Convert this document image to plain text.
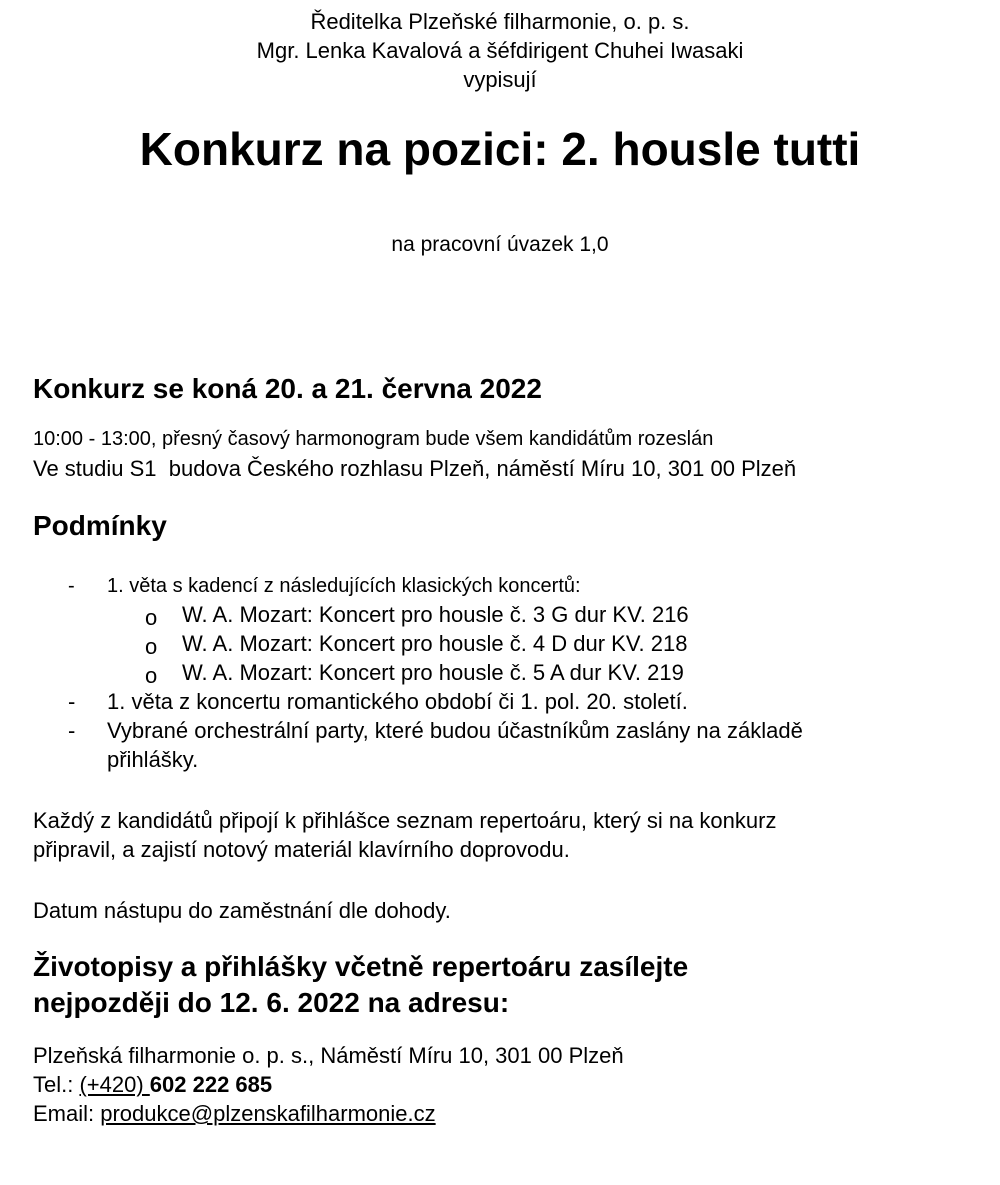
Ředitelka Plzeňské filharmonie, o. p. s.

Mgr. Lenka Kavalová a šéfdirigent Chuhei Iwasaki

vypisují

Konkurz na pozici: 2. housle tutti

na pracovní úvazek 1,0

Konkurz se koná 20. a 21. června 2022

10:00 - 13:00, přesný časový harmonogram bude všem kandidátům rozeslán

Ve studiu S1  budova Českého rozhlasu Plzeň, náměstí Míru 10, 301 00 Plzeň

Podmínky
- 1. věta s kadencí z následujících klasických koncertů:
o W. A. Mozart: Koncert pro housle č. 3 G dur KV. 216
o W. A. Mozart: Koncert pro housle č. 4 D dur KV. 218
o W. A. Mozart: Koncert pro housle č. 5 A dur KV. 219
- 1. věta z koncertu romantického období či 1. pol. 20. století.
- Vybrané orchestrální party, které budou účastníkům zaslány na základě
přihlášky.

Každý z kandidátů připojí k přihlášce seznam repertoáru, který si na konkurz

připravil, a zajistí notový materiál klavírního doprovodu.

Datum nástupu do zaměstnání dle dohody.

Životopisy a přihlášky včetně repertoáru zasílejte
nejpozději do 12. 6. 2022 na adresu:

Plzeňská filharmonie o. p. s., Náměstí Míru 10, 301 00 Plzeň

Tel.: (+420) 602 222 685

Email: produkce@plzenskafilharmonie.cz
